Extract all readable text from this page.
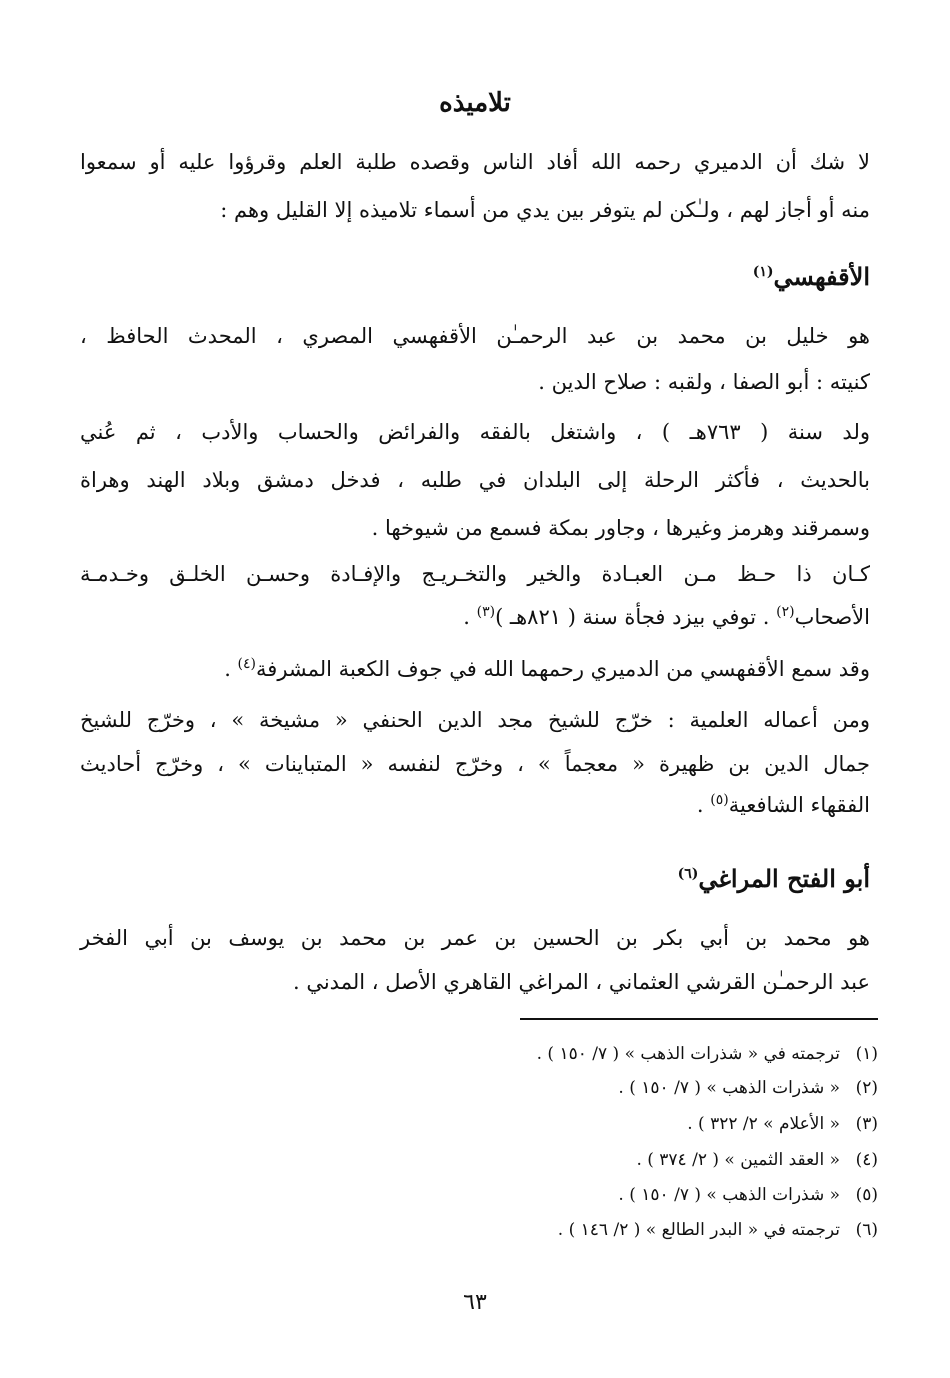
تلاميذه
لا شك أن الدميري رحمه الله أفاد الناس وقصده طلبة العلم وقرؤوا عليه أو سمعوا
منه أو أجاز لهم ، ولـٰكن لم يتوفر بين يدي من أسماء تلاميذه إلا القليل وهم :
الأقفهسي$^{(١)}$
هو خليل بن محمد بن عبد الرحمـٰن الأقفهسي المصري ، المحدث الحافظ ،
كنيته : أبو الصفا ، ولقبه : صلاح الدين .
ولد سنة ( ٧٦٣هـ ) ، واشتغل بالفقه والفرائض والحساب والأدب ، ثم عُني
بالحديث ، فأكثر الرحلة إلى البلدان في طلبه ، فدخل دمشق وبلاد الهند وهراة
وسمرقند وهرمز وغيرها ، وجاور بمكة فسمع من شيوخها .
كـان ذا حـظ مـن العبـادة والخير والتخـريـج والإفـادة وحسـن الخلـق وخـدمـة
الأصحاب$^{(٢)}$ . توفي بيزد فجأة سنة ( ٨٢١هـ )$^{(٣)}$ .
وقد سمع الأقفهسي من الدميري رحمهما الله في جوف الكعبة المشرفة$^{(٤)}$ .
ومن أعماله العلمية : خرّج للشيخ مجد الدين الحنفي « مشيخة » ، وخرّج للشيخ
جمال الدين بن ظهيرة « معجماً » ، وخرّج لنفسه « المتباينات » ، وخرّج أحاديث
الفقهاء الشافعية$^{(٥)}$ .
أبو الفتح المراغي$^{(٦)}$
هو محمد بن أبي بكر بن الحسين بن عمر بن محمد بن يوسف بن أبي الفخر
عبد الرحمـٰن القرشي العثماني ، المراغي القاهري الأصل ، المدني .
(١)ترجمته في « شذرات الذهب » ( ٧/ ١٥٠ ) .
(٢)« شذرات الذهب » ( ٧/ ١٥٠ ) .
(٣)« الأعلام » ٢/ ٣٢٢ ) .
(٤)« العقد الثمين » ( ٢/ ٣٧٤ ) .
(٥)« شذرات الذهب » ( ٧/ ١٥٠ ) .
(٦)ترجمته في « البدر الطالع » ( ٢/ ١٤٦ ) .
٦٣
